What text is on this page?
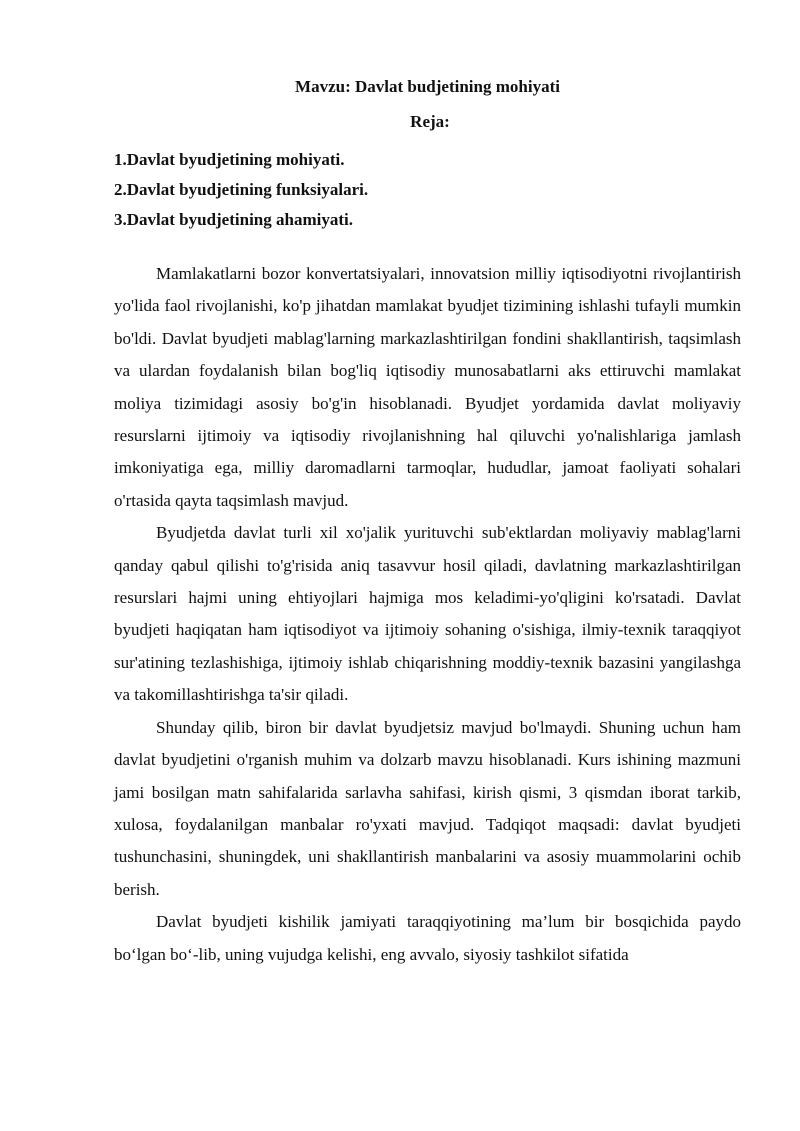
Mavzu: Davlat budjetining mohiyati
Reja:
1.Davlat byudjetining mohiyati.
2.Davlat byudjetining funksiyalari.
3.Davlat byudjetining ahamiyati.

Mamlakatlarni bozor konvertatsiyalari, innovatsion milliy iqtisodiyotni rivojlantirish yo'lida faol rivojlanishi, ko'p jihatdan mamlakat byudjet tizimining ishlashi tufayli mumkin bo'ldi. Davlat byudjeti mablag'larning markazlashtirilgan fondini shakllantirish, taqsimlash va ulardan foydalanish bilan bog'liq iqtisodiy munosabatlarni aks ettiruvchi mamlakat moliya tizimidagi asosiy bo'g'in hisoblanadi. Byudjet yordamida davlat moliyaviy resurslarni ijtimoiy va iqtisodiy rivojlanishning hal qiluvchi yo'nalishlariga jamlash imkoniyatiga ega, milliy daromadlarni tarmoqlar, hududlar, jamoat faoliyati sohalari o'rtasida qayta taqsimlash mavjud.

Byudjetda davlat turli xil xo'jalik yurituvchi sub'ektlardan moliyaviy mablag'larni qanday qabul qilishi to'g'risida aniq tasavvur hosil qiladi, davlatning markazlashtirilgan resurslari hajmi uning ehtiyojlari hajmiga mos keladimi-yo'qligini ko'rsatadi. Davlat byudjeti haqiqatan ham iqtisodiyot va ijtimoiy sohaning o'sishiga, ilmiy-texnik taraqqiyot sur'atining tezlashishiga, ijtimoiy ishlab chiqarishning moddiy-texnik bazasini yangilashga va takomillashtirishga ta'sir qiladi.

Shunday qilib, biron bir davlat byudjetsiz mavjud bo'lmaydi. Shuning uchun ham davlat byudjetini o'rganish muhim va dolzarb mavzu hisoblanadi. Kurs ishining mazmuni jami bosilgan matn sahifalarida sarlavha sahifasi, kirish qismi, 3 qismdan iborat tarkib, xulosa, foydalanilgan manbalar ro'yxati mavjud. Tadqiqot maqsadi: davlat byudjeti tushunchasini, shuningdek, uni shakllantirish manbalarini va asosiy muammolarini ochib berish.

Davlat byudjeti kishilik jamiyati taraqqiyotining ma’lum bir bosqichida paydo bo‘lgan bo‘-lib, uning vujudga kelishi, eng avvalo, siyosiy tashkilot sifatida
